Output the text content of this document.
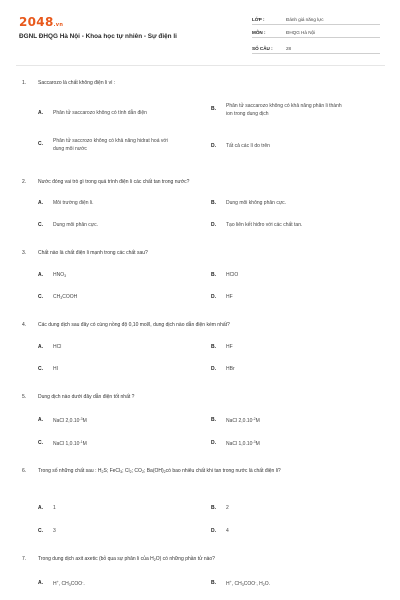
2048.vn
ĐGNL ĐHQG Hà Nội - Khoa học tự nhiên - Sự điện li
LỚP :	Đánh giá năng lực
MÔN :	ĐHQG Hà Nội
SỐ CÂU :	28
1. Saccarozo là chất không điện li vì :
A. Phân tử saccarozo không có tính dẫn điện
B. Phân tử saccarozo không có khả năng phân li thành ion trong dung dịch
C. Phân tử saccrozo không có khả năng hidrat hoá với dung môi nước	D. Tất cả các lí do trên
2. Nước đóng vai trò gì trong quá trình điện li các chất tan trong nước?
A. Môi trường điện li.	B. Dung môi không phân cực.
C. Dung môi phân cực.	D. Tạo liên kết hiđro với các chất tan.
3. Chất nào là chất điện li mạnh trong các chất sau?
A. $HNO_3$	B. HClO
C. $CH_3COOH$	D. HF
4. Các dung dịch sau đây có cùng nồng độ 0,10 mol/l, dung dịch nào dẫn điện kém nhất?
A. HCl	B. HF
C. HI	D. HBr
5. Dung dịch nào dưới đây dẫn điện tốt nhất ?
A. NaCl $2,0.10^{-3}M$	B. NaCl $2,0.10^{-2}M$
C. NaCl $1,0.10^{-1}M$	D. NaCl $1,0.10^{-3}M$
6.	Trong số những chất sau : $H_2S$; FeCl$_3$; $Cl_2$; $CO_2$; $Ba(OH)_2có$ bao nhiêu chất khi tan trong nước là chất điện li?
A. 1	B. 2
C. 3	D. 4
7. Trong dung dịch axit axetic (bỏ qua sự phân li của $H_2O$) có những phần tử nào?
A. H+, $CH_3COO^-$.	B. H+, $CH_3COO^-$, $H_2O$.
